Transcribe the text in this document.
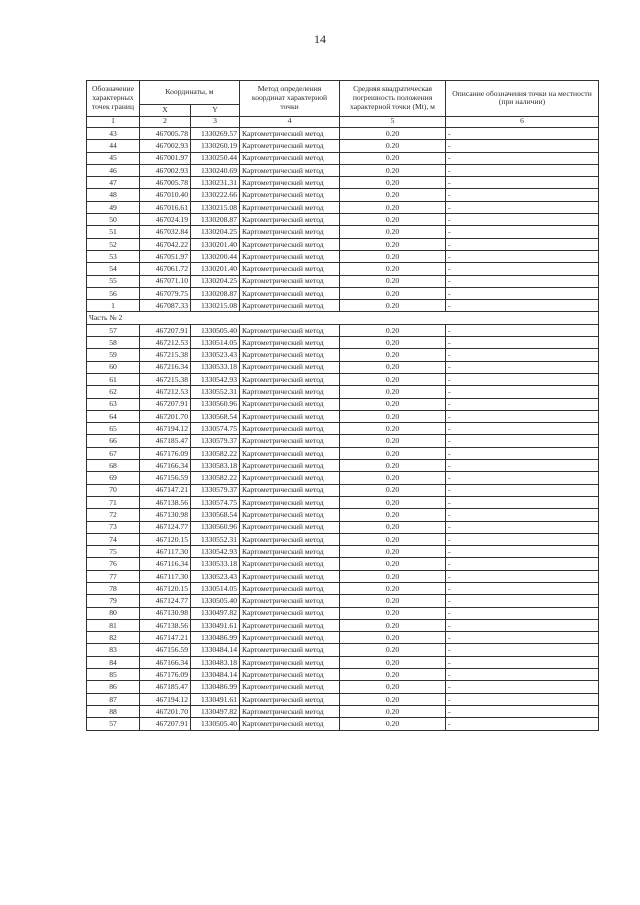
14
Обозначение характерных точек границ	Координаты, м		Метод определения координат характерной точки	Средняя квадратическая погрешность положения характерной точки (Mt), м	Описание обозначения точки на местности (при наличии)
	X	Y			
1	2	3	4	5	6
43	467005.78	1330269.57	Картометрический метод	0.20	-
44	467002.93	1330260.19	Картометрический метод	0.20	-
45	467001.97	1330250.44	Картометрический метод	0.20	-
46	467002.93	1330240.69	Картометрический метод	0.20	-
47	467005.78	1330231.31	Картометрический метод	0.20	-
48	467010.40	1330222.66	Картометрический метод	0.20	-
49	467016.61	1330215.08	Картометрический метод	0.20	-
50	467024.19	1330208.87	Картометрический метод	0.20	-
51	467032.84	1330204.25	Картометрический метод	0.20	-
52	467042.22	1330201.40	Картометрический метод	0.20	-
53	467051.97	1330200.44	Картометрический метод	0.20	-
54	467061.72	1330201.40	Картометрический метод	0.20	-
55	467071.10	1330204.25	Картометрический метод	0.20	-
56	467079.75	1330208.87	Картометрический метод	0.20	-
1	467087.33	1330215.08	Картометрический метод	0.20	-
Часть № 2					
57	467207.91	1330505.40	Картометрический метод	0.20	-
58	467212.53	1330514.05	Картометрический метод	0.20	-
59	467215.38	1330523.43	Картометрический метод	0.20	-
60	467216.34	1330533.18	Картометрический метод	0.20	-
61	467215.38	1330542.93	Картометрический метод	0.20	-
62	467212.53	1330552.31	Картометрический метод	0.20	-
63	467207.91	1330560.96	Картометрический метод	0.20	-
64	467201.70	1330568.54	Картометрический метод	0.20	-
65	467194.12	1330574.75	Картометрический метод	0.20	-
66	467185.47	1330579.37	Картометрический метод	0.20	-
67	467176.09	1330582.22	Картометрический метод	0.20	-
68	467166.34	1330583.18	Картометрический метод	0.20	-
69	467156.59	1330582.22	Картометрический метод	0.20	-
70	467147.21	1330579.37	Картометрический метод	0.20	-
71	467138.56	1330574.75	Картометрический метод	0.20	-
72	467130.98	1330568.54	Картометрический метод	0.20	-
73	467124.77	1330560.96	Картометрический метод	0.20	-
74	467120.15	1330552.31	Картометрический метод	0.20	-
75	467117.30	1330542.93	Картометрический метод	0.20	-
76	467116.34	1330533.18	Картометрический метод	0.20	-
77	467117.30	1330523.43	Картометрический метод	0.20	-
78	467120.15	1330514.05	Картометрический метод	0.20	-
79	467124.77	1330505.40	Картометрический метод	0.20	-
80	467130.98	1330497.82	Картометрический метод	0.20	-
81	467138.56	1330491.61	Картометрический метод	0.20	-
82	467147.21	1330486.99	Картометрический метод	0.20	-
83	467156.59	1330484.14	Картометрический метод	0.20	-
84	467166.34	1330483.18	Картометрический метод	0.20	-
85	467176.09	1330484.14	Картометрический метод	0.20	-
86	467185.47	1330486.99	Картометрический метод	0.20	-
87	467194.12	1330491.61	Картометрический метод	0.20	-
88	467201.70	1330497.82	Картометрический метод	0.20	-
57	467207.91	1330505.40	Картометрический метод	0.20	-
